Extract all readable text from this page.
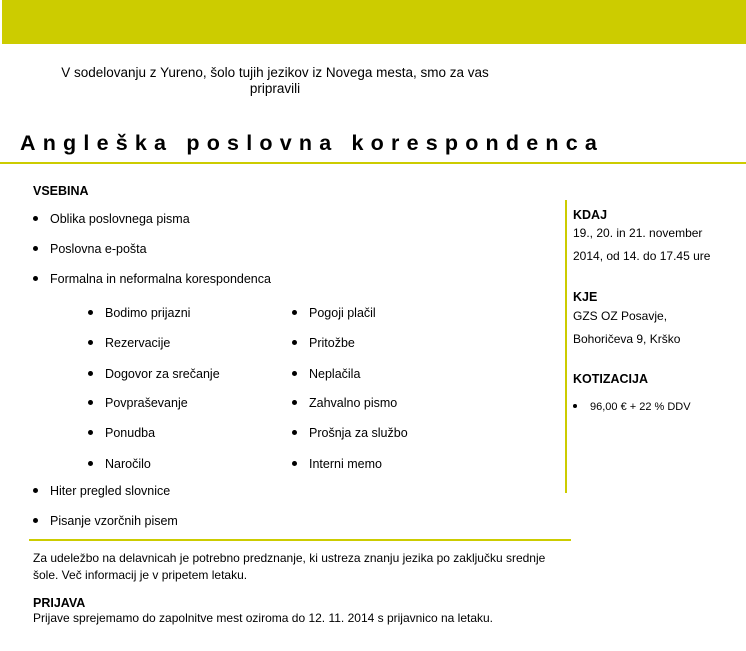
V sodelovanju z Yureno, šolo tujih jezikov iz Novega mesta, smo za vas pripravili
Angleška poslovna korespondenca
VSEBINA
Oblika poslovnega pisma
Poslovna e-pošta
Formalna in neformalna korespondenca
Bodimo prijazni
Rezervacije
Dogovor za srečanje
Povpraševanje
Ponudba
Naročilo
Pogoji plačil
Pritožbe
Neplačila
Zahvalno pismo
Prošnja za službo
Interni memo
Hiter pregled slovnice
Pisanje vzorčnih pisem
KDAJ
19., 20. in 21. november
2014, od 14. do 17.45 ure
KJE
GZS OZ Posavje,
Bohoričeva 9, Krško
KOTIZACIJA
96,00 € + 22 % DDV
Za udeležbo na delavnicah je potrebno predznanje, ki ustreza znanju jezika po zaključku srednje šole. Več informacij je v pripetem letaku.
PRIJAVA
Prijave sprejemamo do zapolnitve mest oziroma do 12. 11. 2014 s prijavnico na letaku.
